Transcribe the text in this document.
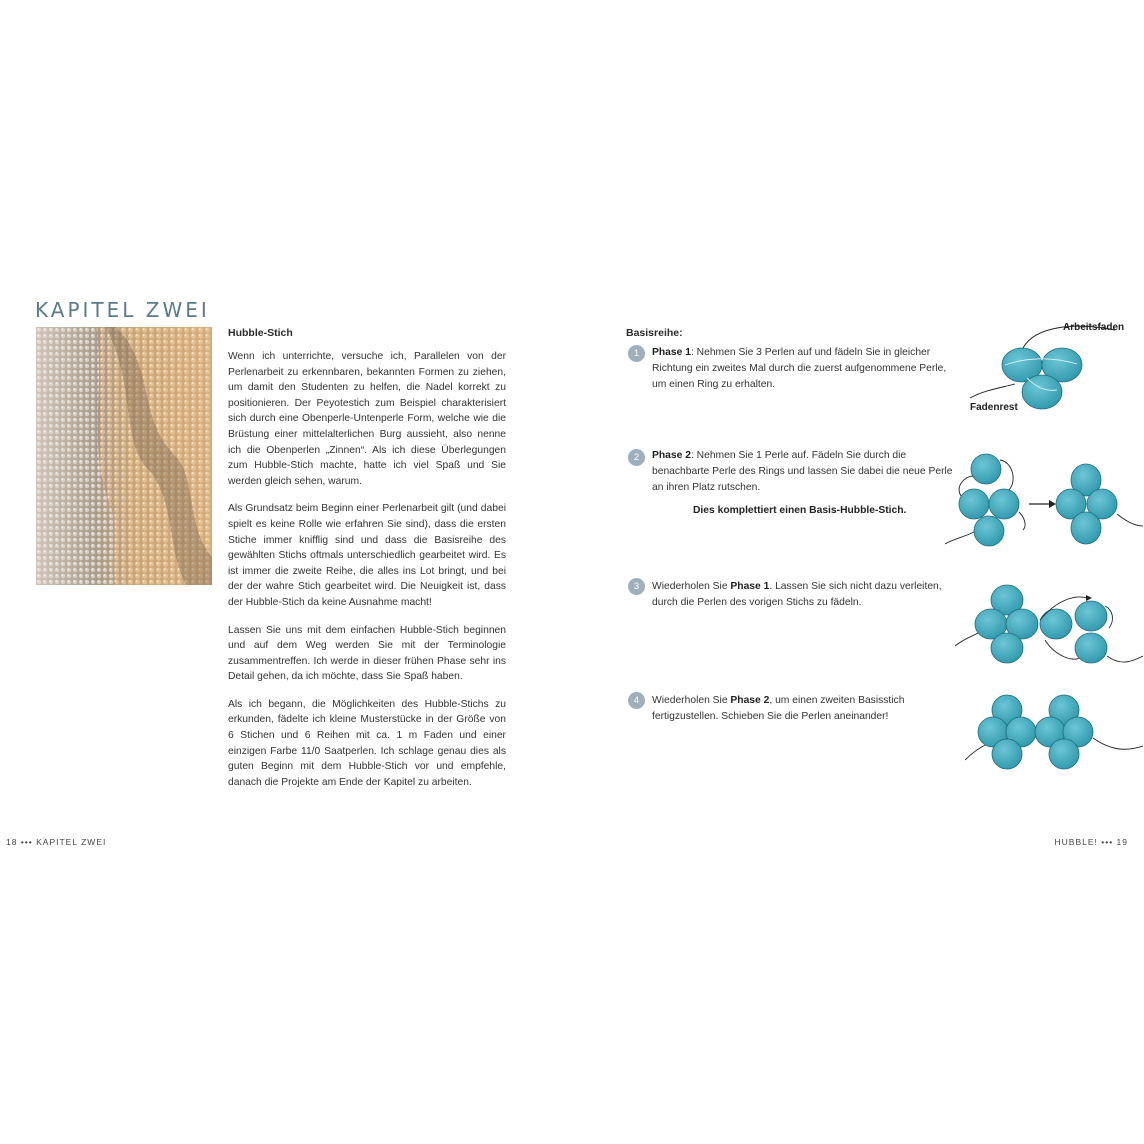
KAPITEL ZWEI
Hubble-Stich

Wenn ich unterrichte, versuche ich, Parallelen von der Perlenarbeit zu erkennbaren, bekannten Formen zu ziehen, um damit den Studenten zu helfen, die Nadel korrekt zu positionieren. Der Peyotestich zum Beispiel charakterisiert sich durch eine Obenperle-Untenperle Form, welche wie die Brüstung einer mittelalterlichen Burg aussieht, also nenne ich die Obenperlen „Zinnen“. Als ich diese Überlegungen zum Hubble-Stich machte, hatte ich viel Spaß und Sie werden gleich sehen, warum.

Als Grundsatz beim Beginn einer Perlenarbeit gilt (und dabei spielt es keine Rolle wie erfahren Sie sind), dass die ersten Stiche immer knifflig sind und dass die Basisreihe des gewählten Stichs oftmals unterschiedlich gearbeitet wird. Es ist immer die zweite Reihe, die alles ins Lot bringt, und bei der der wahre Stich gearbeitet wird. Die Neuigkeit ist, dass der Hubble-Stich da keine Ausnahme macht!

Lassen Sie uns mit dem einfachen Hubble-Stich beginnen und auf dem Weg werden Sie mit der Terminologie zusammentreffen. Ich werde in dieser frühen Phase sehr ins Detail gehen, da ich möchte, dass Sie Spaß haben.

Als ich begann, die Möglichkeiten des Hubble-Stichs zu erkunden, fädelte ich kleine Musterstücke in der Größe von 6 Stichen und 6 Reihen mit ca. 1 m Faden und einer einzigen Farbe 11/0 Saatperlen. Ich schlage genau dies als guten Beginn mit dem Hubble-Stich vor und empfehle, danach die Projekte am Ende der Kapitel zu arbeiten.

18 ••• KAPITEL ZWEI
Basisreihe:
1	Phase 1: Nehmen Sie 3 Perlen auf und fädeln Sie in gleicher Richtung ein zweites Mal durch die zuerst aufgenommene Perle, um einen Ring zu erhalten.
2	Phase 2: Nehmen Sie 1 Perle auf. Fädeln Sie durch die benachbarte Perle des Rings und lassen Sie dabei die neue Perle an ihren Platz rutschen.
Dies komplettiert einen Basis-Hubble-Stich.
3	Wiederholen Sie Phase 1. Lassen Sie sich nicht dazu verleiten, durch die Perlen des vorigen Stichs zu fädeln.
4	Wiederholen Sie Phase 2, um einen zweiten Basisstich fertigzustellen. Schieben Sie die Perlen aneinander!
Arbeitsfaden
Fadenrest
HUBBLE! ••• 19
